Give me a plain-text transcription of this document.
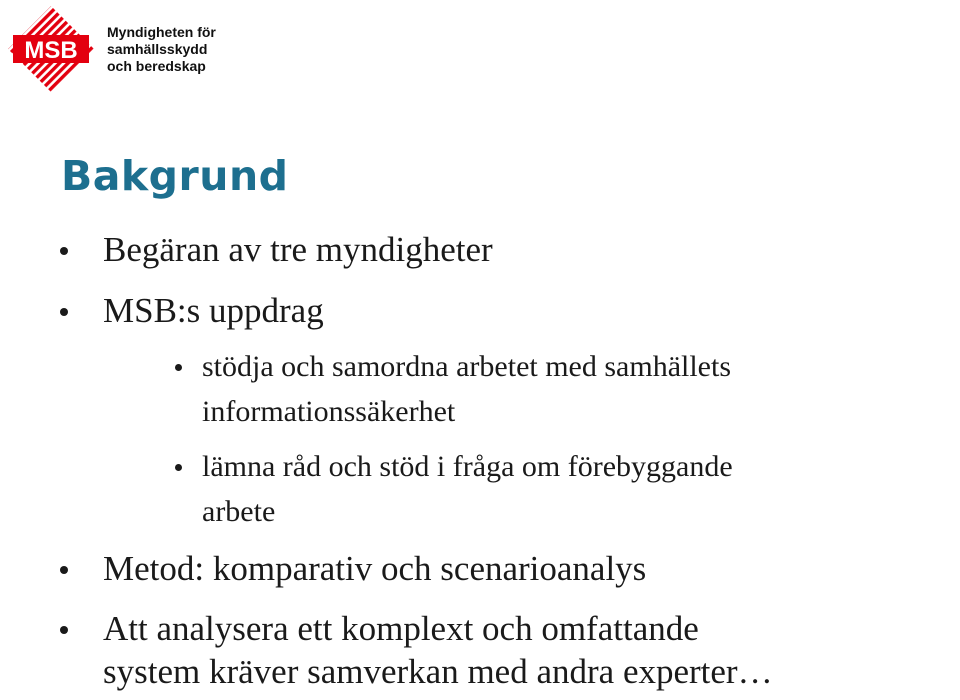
MSB
Myndigheten för
samhällsskydd
och beredskap
Bakgrund
Begäran av tre myndigheter
MSB:s uppdrag
stödja och samordna arbetet med samhällets
informationssäkerhet
lämna råd och stöd i fråga om förebyggande
arbete
Metod: komparativ och scenarioanalys
Att analysera ett komplext och omfattande
system kräver samverkan med andra experter…
